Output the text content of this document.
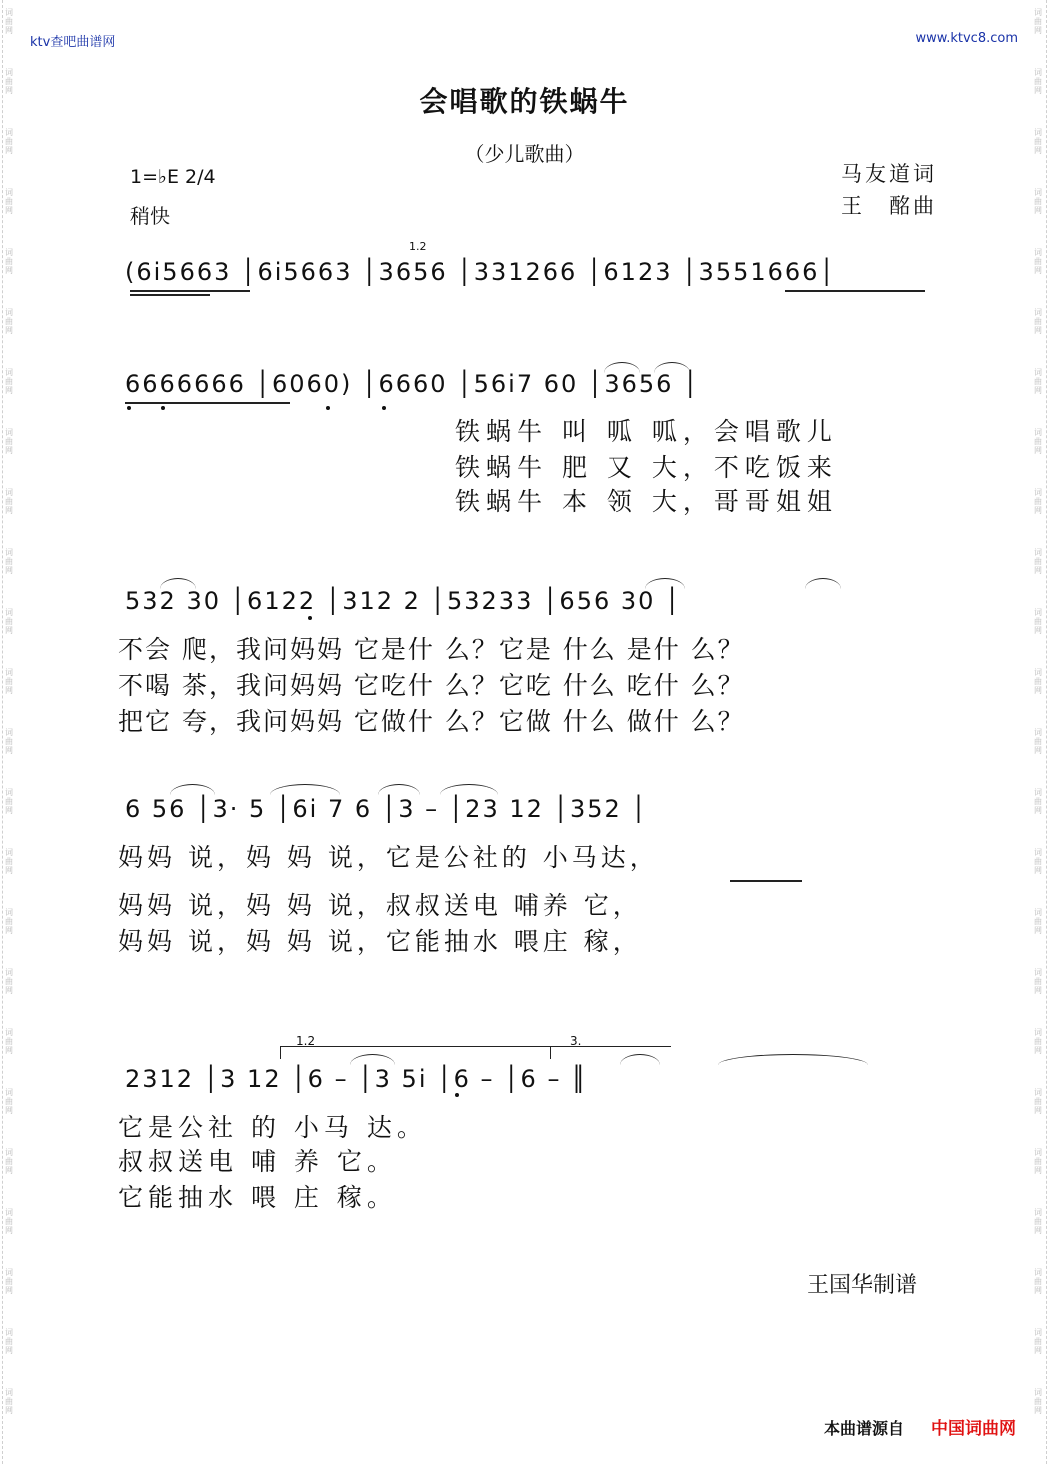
词
曲
网
词
曲
网
词
曲
网
词
曲
网
词
曲
网
词
曲
网
词
曲
网
词
曲
网
词
曲
网
词
曲
网
词
曲
网
词
曲
网
词
曲
网
词
曲
网
词
曲
网
词
曲
网
词
曲
网
词
曲
网
词
曲
网
词
曲
网
词
曲
网
词
曲
网
词
曲
网
词
曲
网
词
曲
网
词
曲
网
词
曲
网
词
曲
网
词
曲
网
词
曲
网
词
曲
网
词
曲
网
词
曲
网
词
曲
网
词
曲
网
词
曲
网
词
曲
网
词
曲
网
词
曲
网
词
曲
网
词
曲
网
词
曲
网
词
曲
网
词
曲
网
词
曲
网
词
曲
网
词
曲
网
词
曲
网
ktv查吧曲谱网	www.ktvc8.com
会唱歌的铁蜗牛
（少儿歌曲）
马友道词
王　酩曲
1=♭E 2/4
稍快
(6i5663 │6i5663 │3656 │331266 │6123 │3551666│
6666666 │6060) │6660 │56i7 60 │3656 │
532 30 │6122 │312 2 │53233 │656 30 │
6 56 │3· 5 │6i 7 6 │3 – │23 12 │352 │
2312 │3 12 │6 – │3 5i │6 – │6 – ║
1.2	3.
1.2
铁蜗牛 叫 呱 呱，会唱歌儿
铁蜗牛 肥 又 大，不吃饭来
铁蜗牛 本 领 大，哥哥姐姐
不会 爬，我问妈妈 它是什 么？它是 什么 是什 么？
不喝 茶，我问妈妈 它吃什 么？它吃 什么 吃什 么？
把它 夸，我问妈妈 它做什 么？它做 什么 做什 么？
妈妈 说，妈 妈 说，它是公社的 小马达，
妈妈 说，妈 妈 说，叔叔送电 哺养 它，
妈妈 说，妈 妈 说，它能抽水 喂庄 稼，
它是公社 的 小马 达。
叔叔送电 哺 养 它。
它能抽水 喂 庄 稼。
王国华制谱
本曲谱源自 中国词曲网
